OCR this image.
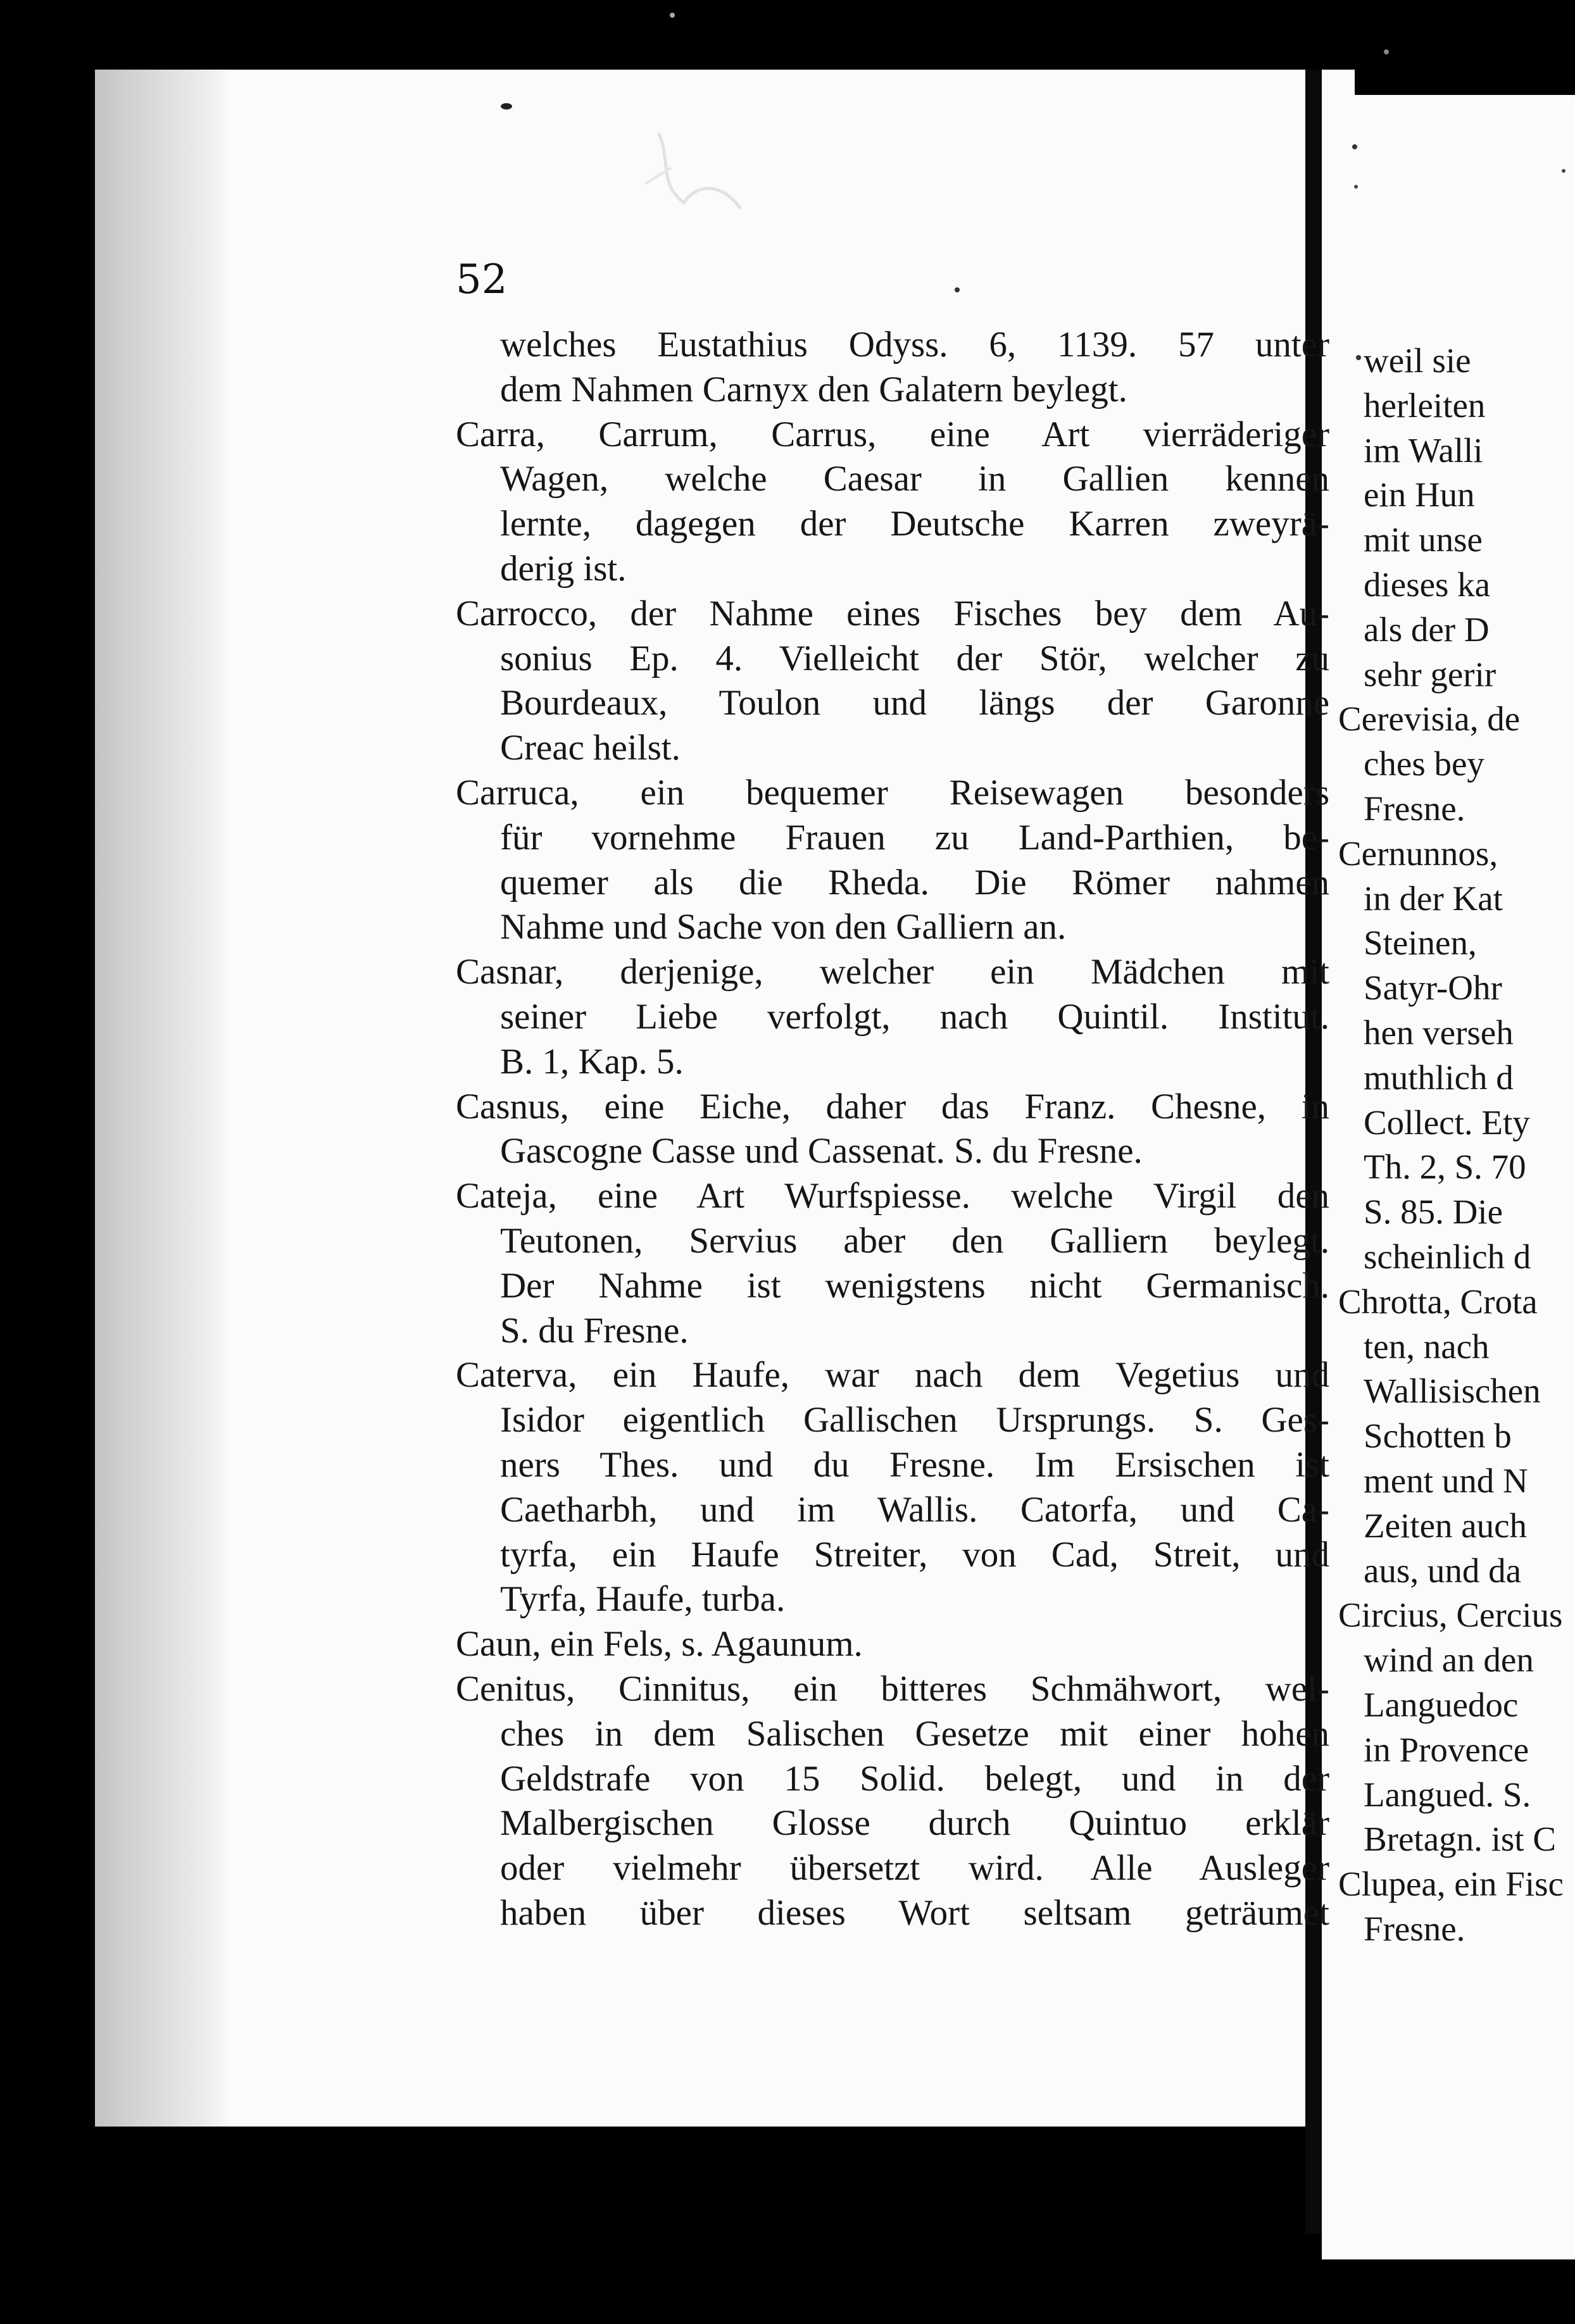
52
welches Eustathius Odyss. 6, 1139. 57 unter
dem Nahmen Carnyx den Galatern beylegt.
Carra, Carrum, Carrus, eine Art vierräderiger
Wagen, welche Caesar in Gallien kennen
lernte, dagegen der Deutsche Karren zweyrä-
derig ist.
Carrocco, der Nahme eines Fisches bey dem Au-
sonius Ep. 4. Vielleicht der Stör, welcher zu
Bourdeaux, Toulon und längs der Garonne
Creac heilst.
Carruca, ein bequemer Reisewagen besonders
für vornehme Frauen zu Land-Parthien, be-
quemer als die Rheda. Die Römer nahmen
Nahme und Sache von den Galliern an.
Casnar, derjenige, welcher ein Mädchen mit
seiner Liebe verfolgt, nach Quintil. Institut.
B. 1, Kap. 5.
Casnus, eine Eiche, daher das Franz. Chesne, in
Gascogne Casse und Cassenat. S. du Fresne.
Cateja, eine Art Wurfspiesse. welche Virgil den
Teutonen, Servius aber den Galliern beylegt.
Der Nahme ist wenigstens nicht Germanisch.
S. du Fresne.
Caterva, ein Haufe, war nach dem Vegetius und
Isidor eigentlich Gallischen Ursprungs. S. Ges-
ners Thes. und du Fresne. Im Ersischen ist
Caetharbh, und im Wallis. Catorfa, und Ca-
tyrfa, ein Haufe Streiter, von Cad, Streit, und
Tyrfa, Haufe, turba.
Caun, ein Fels, s. Agaunum.
Cenitus, Cinnitus, ein bitteres Schmähwort, wel-
ches in dem Salischen Gesetze mit einer hohen
Geldstrafe von 15 Solid. belegt, und in der
Malbergischen Glosse durch Quintuo erklär
oder vielmehr übersetzt wird. Alle Ausleger
haben über dieses Wort seltsam geträumet
weil sie
herleiten
im Walli
ein Hun
mit unse
dieses ka
als der D
sehr gerir
Cerevisia, de
ches bey
Fresne.
Cernunnos,
in der Kat
Steinen,
Satyr-Ohr
hen verseh
muthlich d
Collect. Ety
Th. 2, S. 70
S. 85. Die
scheinlich d
Chrotta, Crota
ten, nach
Wallisischen
Schotten b
ment und N
Zeiten auch
aus, und da
Circius, Cercius
wind an den
Languedoc
in Provence
Langued. S.
Bretagn. ist C
Clupea, ein Fisc
Fresne.
